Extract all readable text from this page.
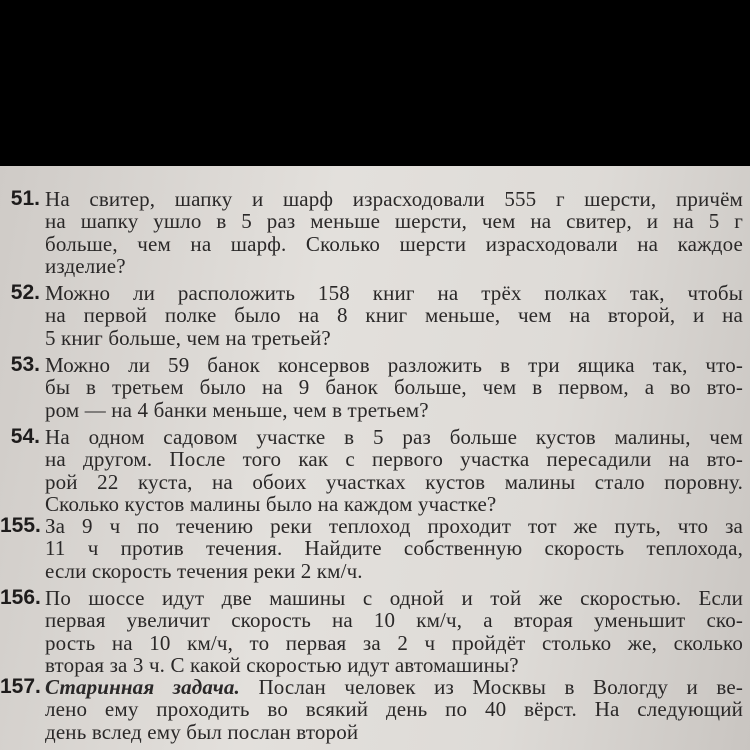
51. На свитер, шапку и шарф израсходовали 555 г шерсти, причём
на шапку ушло в 5 раз меньше шерсти, чем на свитер, и на 5 г
больше, чем на шарф. Сколько шерсти израсходовали на каждое
изделие?
52. Можно ли расположить 158 книг на трёх полках так, чтобы
на первой полке было на 8 книг меньше, чем на второй, и на
5 книг больше, чем на третьей?
53. Можно ли 59 банок консервов разложить в три ящика так, что-
бы в третьем было на 9 банок больше, чем в первом, а во вто-
ром — на 4 банки меньше, чем в третьем?
54. На одном садовом участке в 5 раз больше кустов малины, чем
на другом. После того как с первого участка пересадили на вто-
рой 22 куста, на обоих участках кустов малины стало поровну.
Сколько кустов малины было на каждом участке?
155. За 9 ч по течению реки теплоход проходит тот же путь, что за
11 ч против течения. Найдите собственную скорость теплохода,
если скорость течения реки 2 км/ч.
156. По шоссе идут две машины с одной и той же скоростью. Если
первая увеличит скорость на 10 км/ч, а вторая уменьшит ско-
рость на 10 км/ч, то первая за 2 ч пройдёт столько же, сколько
вторая за 3 ч. С какой скоростью идут автомашины?
157. Старинная задача. Послан человек из Москвы в Вологду и ве-
лено ему проходить во всякий день по 40 вёрст. На следующий
день вслед ему был послан второй
